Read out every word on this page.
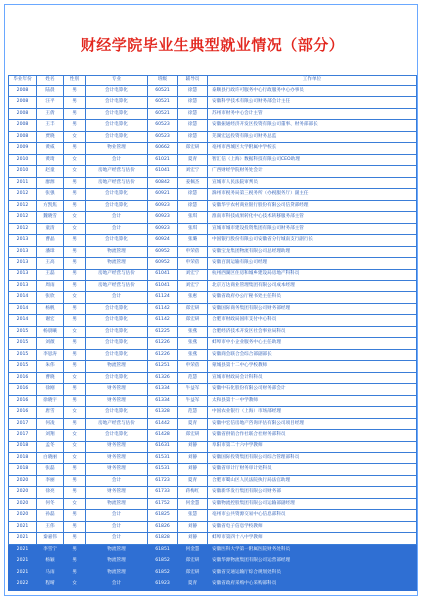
财经学院毕业生典型就业情况（部分）
毕业年份	姓名	性别	专业	班级	辅导员	工作单位
2008	陆晨	男	会计电算化	60521	徐慧	泰顺县行政许可服务中心行政服务中心办事员
2008	汪平	男	会计电算化	60521	徐慧	安徽科学技术有限公司财务部会计主任
2008	王倩	男	会计电算化	60521	徐慧	苏州市财务中心会计主管
2008	王丰	男	会计电算化	60523	徐慧	安徽振通经济开发区投资有限公司董事、财务部部长
2008	贾晓	女	会计电算化	60523	徐慧	芜湖宏远投资有限公司财务总监
2009	黄威	男	物业管理	60662	郑宏研	亳州市西城区大学附属中学校长
2010	黄琦	女	会计	61021	夏青	智汇信（上海）数据科技有限公司CEO助理
2010	赵童	女	房地产经营与估价	61041	刘宏宁	广西财经学院财务处会计
2011	廖源	男	房地产经营与估价	60842	姜佩杰	宣城市人民法院审判员
2012	张强	男	会计电算化	60921	徐慧	滁州市税务局第三税务所（办税服务厅）副主任
2012	方凯焦	男	会计电算化	60923	徐慧	安徽华宇农村商业银行股份有限公司信贷部经理
2012	魏晓雪	女	会计	60923	张琪	淮南市科技成果转化中心技术转移服务部主管
2012	童清	女	会计	60923	张琪	宣城市城市建设投资集团有限公司财务部主管
2013	曹晶	男	会计电算化	60924	张璐	中国银行股份有限公司安徽省分行城南支行副行长
2013	潘璋	男	物流管理	60952	申荣蓓	安徽宝龙集团物流有限公司总经理助理
2013	王高	男	物流管理	60952	申荣蓓	安徽百润运输有限公司经理
2013	王磊	男	房地产经营与估价	61041	刘宏宁	杭州西湖区住房和城乡建设局房地产科科员
2013	周雨	男	房地产经营与估价	61041	刘宏宁	北京万达商业管理集团有限公司成本经理
2014	张欣	女	会计	61124	张惠	安徽省政府办公厅秘书处主任科员
2014	杨帆	男	会计电算化	61142	郑宏研	安徽国际商务集团有限公司财务部经理
2014	谢宏	男	会计电算化	61142	郑宏研	合肥市财政局国库支付中心科员
2015	杨晨曦	女	会计电算化	61225	张燕	合肥经济技术开发区社会事业局科员
2015	刘薇	男	会计电算化	61226	张燕	蚌埠市中小企业服务中心主任助理
2015	李思涛	男	会计电算化	61226	张燕	安徽商会联合会综合部副部长
2015	朱伟	男	物流管理	61251	申荣蓓	蒙城县第十二中心学校教师
2016	曹晓	女	会计电算化	61326	范慧	宣城市财政局会计科科员
2016	徐刚	男	财务管理	61334	牛益军	安徽中石化股份有限公司财务部会计
2016	徐晓宇	男	财务管理	61334	牛益军	太和县第十一中学教师
2016	唐雪	女	会计电算化	61328	范慧	中国农业银行（上海）市场部经理
2017	何凌	男	房地产经营与估价	61442	夏青	安徽中宏信房地产咨询评估有限公司项目经理
2017	刘翔	女	会计电算化	61428	郑宏研	安徽省供销合作社联合社财务部科员
2018	孟冬	女	财务管理	61631	刘静	阜阳市第二十六中学教师
2018	白晓丽	女	财务管理	61531	刘静	安徽国际投资集团有限公司综合管理部科员
2018	张磊	男	财务管理	61531	刘静	安徽省审计厅财务审计处科员
2020	李丽	男	会计	61723	夏青	合肥市蜀山区人民法院执行局法官助理
2020	徐亮	男	财务管理	61733	蒋梅红	安徽新华发行集团有限公司财务部
2020	何冬	女	物流管理	61752	何金慧	安徽物流控股集团有限公司运输部副经理
2020	孙磊	男	会计	61825	张慧	亳州市公共资源交易中心信息部科员
2021	王伟	男	会计	61826	刘静	安徽省电子信息学校教师
2021	秦嘉伟	男	会计	61828	刘静	蚌埠市第四十八中学教师
2021	李雪宁	男	物流管理	61851	何金慧	安徽医科大学第一附属医院财务处科员
2021	杨颖	男	物流管理	61852	郑宏研	安徽华源物流集团有限公司运营部经理
2021	马雨	男	物流管理	61852	郑宏研	安徽省交通运输厅综合规划处科员
2022	程晴	女	会计	61923	夏青	安徽省政府采购中心采购部科员
